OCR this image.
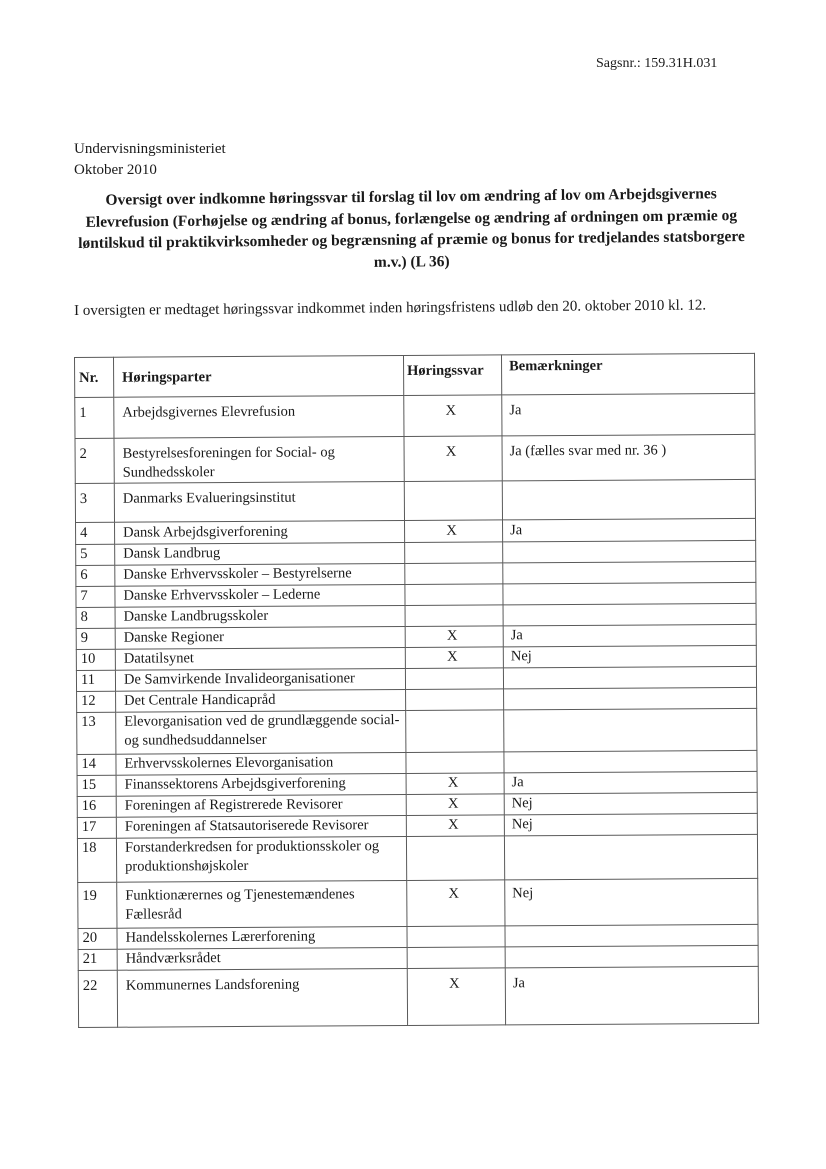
Sagsnr.: 159.31H.031
Undervisningsministeriet
Oktober 2010
Oversigt over indkomne høringssvar til forslag til lov om ændring af lov om Arbejdsgivernes Elevrefusion (Forhøjelse og ændring af bonus, forlængelse og ændring af ordningen om præmie og løntilskud til praktikvirksomheder og begrænsning af præmie og bonus for tredjelandes statsborgere m.v.) (L 36)
I oversigten er medtaget høringssvar indkommet inden høringsfristens udløb den 20. oktober 2010 kl. 12.
Nr.	Høringsparter	Høringssvar	Bemærkninger
1	Arbejdsgivernes Elevrefusion	X	Ja
2	Bestyrelsesforeningen for Social- og Sundhedsskoler	X	Ja (fælles svar med nr. 36 )
3	Danmarks Evalueringsinstitut		
4	Dansk Arbejdsgiverforening	X	Ja
5	Dansk Landbrug		
6	Danske Erhvervsskoler – Bestyrelserne		
7	Danske Erhvervsskoler – Lederne		
8	Danske Landbrugsskoler		
9	Danske Regioner	X	Ja
10	Datatilsynet	X	Nej
11	De Samvirkende Invalideorganisationer		
12	Det Centrale Handicapråd		
13	Elevorganisation ved de grundlæggende social- og sundhedsuddannelser		
14	Erhvervsskolernes Elevorganisation		
15	Finanssektorens Arbejdsgiverforening	X	Ja
16	Foreningen af Registrerede Revisorer	X	Nej
17	Foreningen af Statsautoriserede Revisorer	X	Nej
18	Forstanderkredsen for produktionsskoler og produktionshøjskoler		
19	Funktionærernes og Tjenestemændenes Fællesråd	X	Nej
20	Handelsskolernes Lærerforening		
21	Håndværksrådet		
22	Kommunernes Landsforening	X	Ja
